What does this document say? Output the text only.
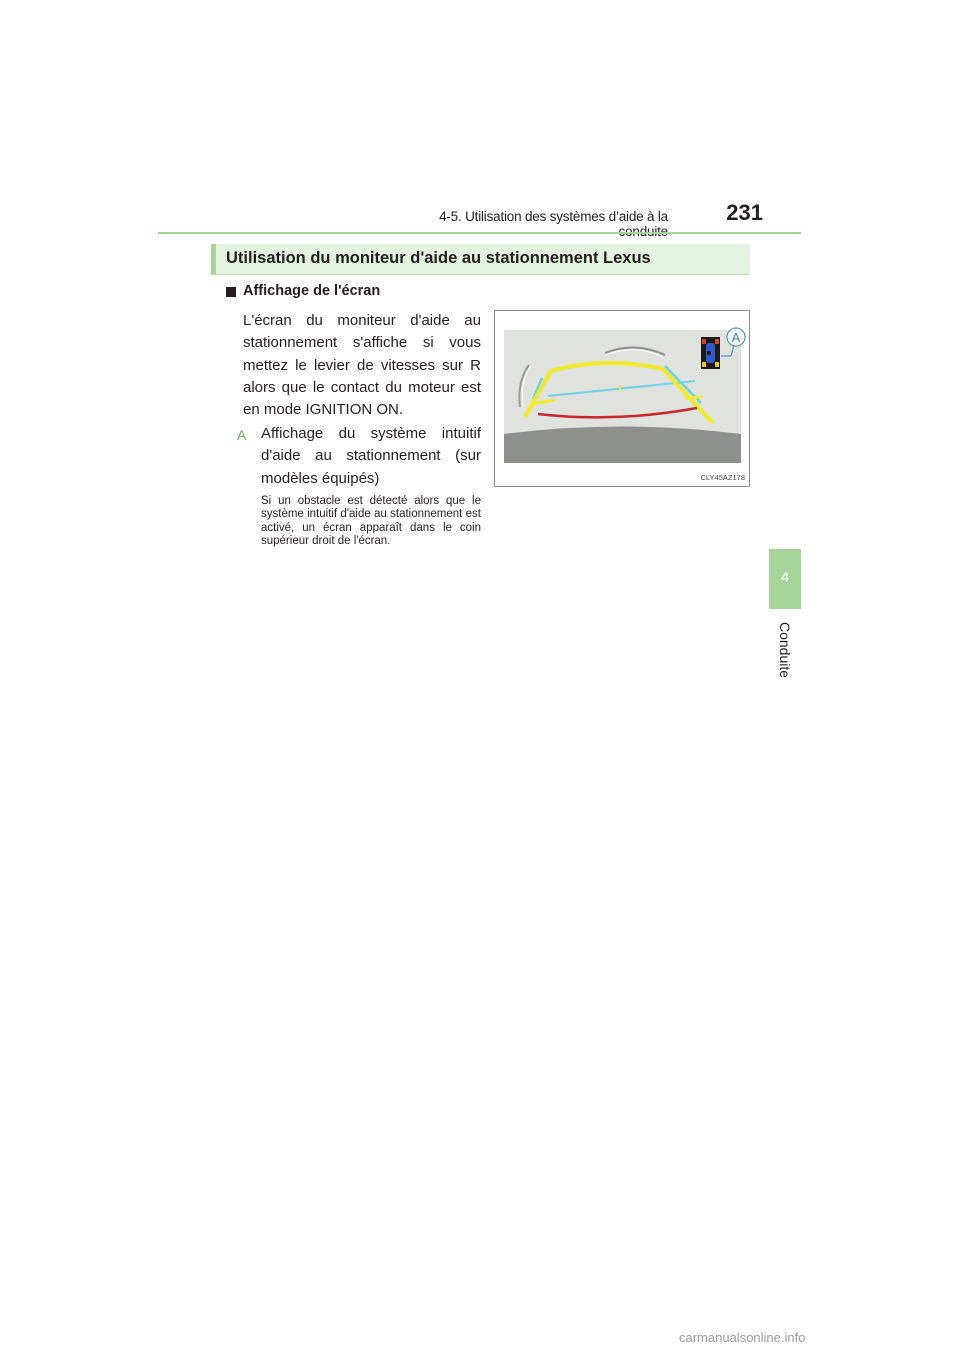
4-5. Utilisation des systèmes d’aide à la	231
4
Conduite
Utilisation du moniteur d'aide au stationnement Lexus
Affichage de l'écran
L'écran du moniteur d'aide au stationnement s'affiche si vous mettez le levier de vitesses sur R alors que le contact du moteur est en mode IGNITION ON.
A Affichage du système intuitif d'aide au stationnement (sur modèles équipés)
Si un obstacle est détecté alors que le système intuitif d'aide au stationnement est activé, un écran apparaît dans le coin supérieur droit de l'écran.
A
CLY45AZ178
carmanualsonline.info
